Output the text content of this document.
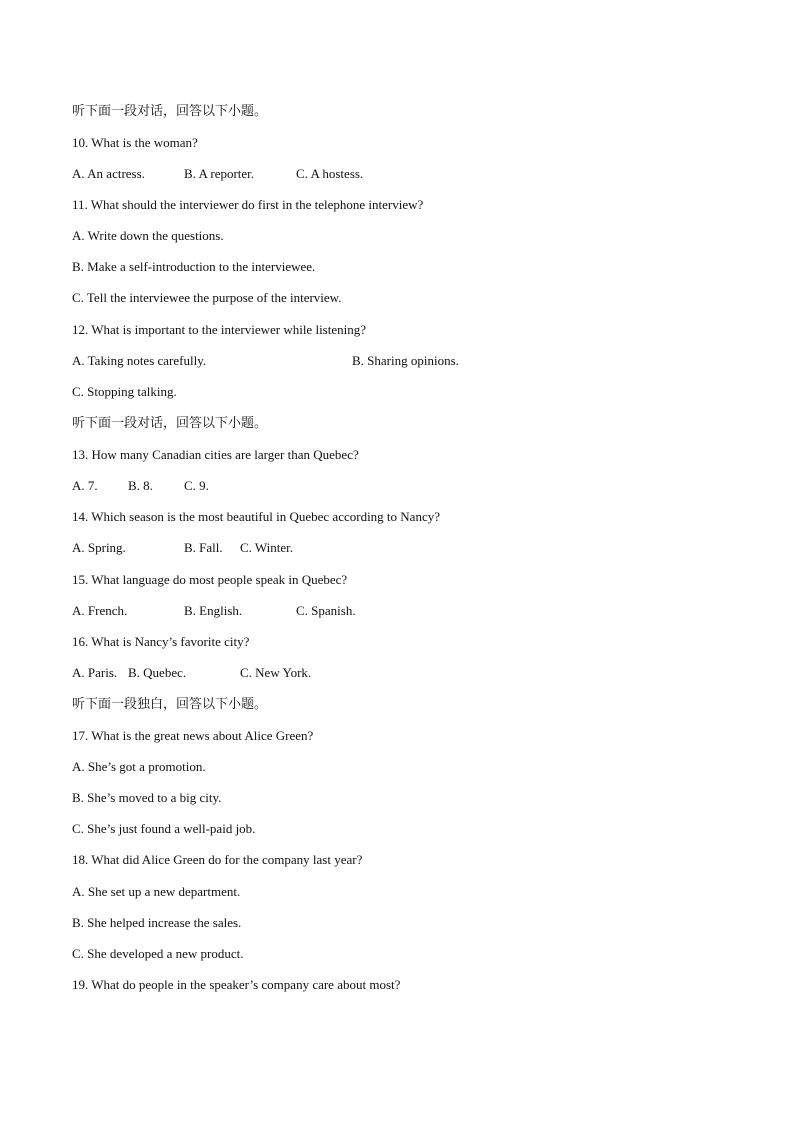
听下面一段对话，回答以下小题。
10. What is the woman?
A. An actress.	B. A reporter.	C. A hostess.
11. What should the interviewer do first in the telephone interview?
A. Write down the questions.
B. Make a self-introduction to the interviewee.
C. Tell the interviewee the purpose of the interview.
12. What is important to the interviewer while listening?
A. Taking notes carefully.	B. Sharing opinions.
C. Stopping talking.
听下面一段对话，回答以下小题。
13. How many Canadian cities are larger than Quebec?
A. 7. B. 8. C. 9.
14. Which season is the most beautiful in Quebec according to Nancy?
A. Spring.	B. Fall. C. Winter.
15. What language do most people speak in Quebec?
A. French.	B. English.	C. Spanish.
16. What is Nancy’s favorite city?
A. Paris. B. Quebec.	C. New York.
听下面一段独白，回答以下小题。
17. What is the great news about Alice Green?
A. She’s got a promotion.
B. She’s moved to a big city.
C. She’s just found a well-paid job.
18. What did Alice Green do for the company last year?
A. She set up a new department.
B. She helped increase the sales.
C. She developed a new product.
19. What do people in the speaker’s company care about most?
